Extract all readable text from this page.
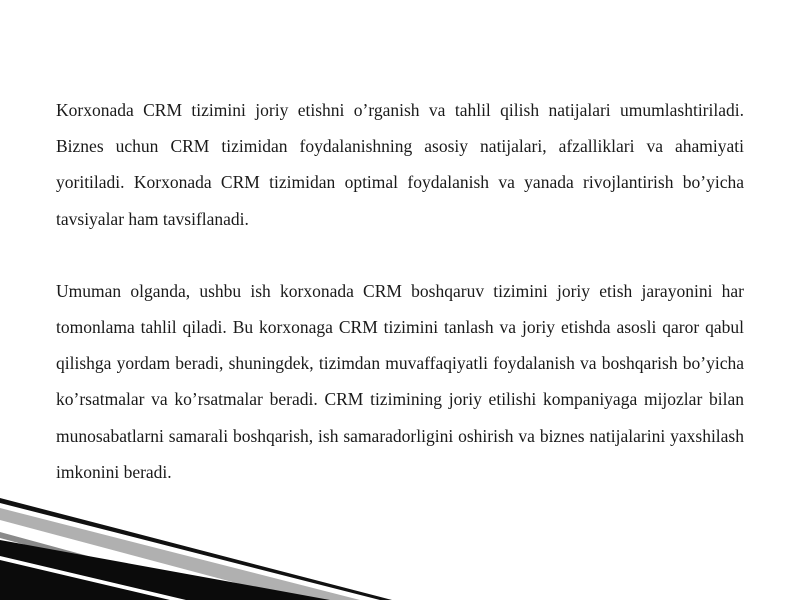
Korxonada CRM tizimini joriy etishni o’rganish va tahlil qilish natijalari umumlashtiriladi. Biznes uchun CRM tizimidan foydalanishning asosiy natijalari, afzalliklari va ahamiyati yoritiladi. Korxonada CRM tizimidan optimal foydalanish va yanada rivojlantirish bo’yicha tavsiyalar ham tavsiflanadi.

Umuman olganda, ushbu ish korxonada CRM boshqaruv tizimini joriy etish jarayonini har tomonlama tahlil qiladi. Bu korxonaga CRM tizimini tanlash va joriy etishda asosli qaror qabul qilishga yordam beradi, shuningdek, tizimdan muvaffaqiyatli foydalanish va boshqarish bo’yicha ko’rsatmalar va ko’rsatmalar beradi. CRM tizimining joriy etilishi kompaniyaga mijozlar bilan munosabatlarni samarali boshqarish, ish samaradorligini oshirish va biznes natijalarini yaxshilash imkonini beradi.
